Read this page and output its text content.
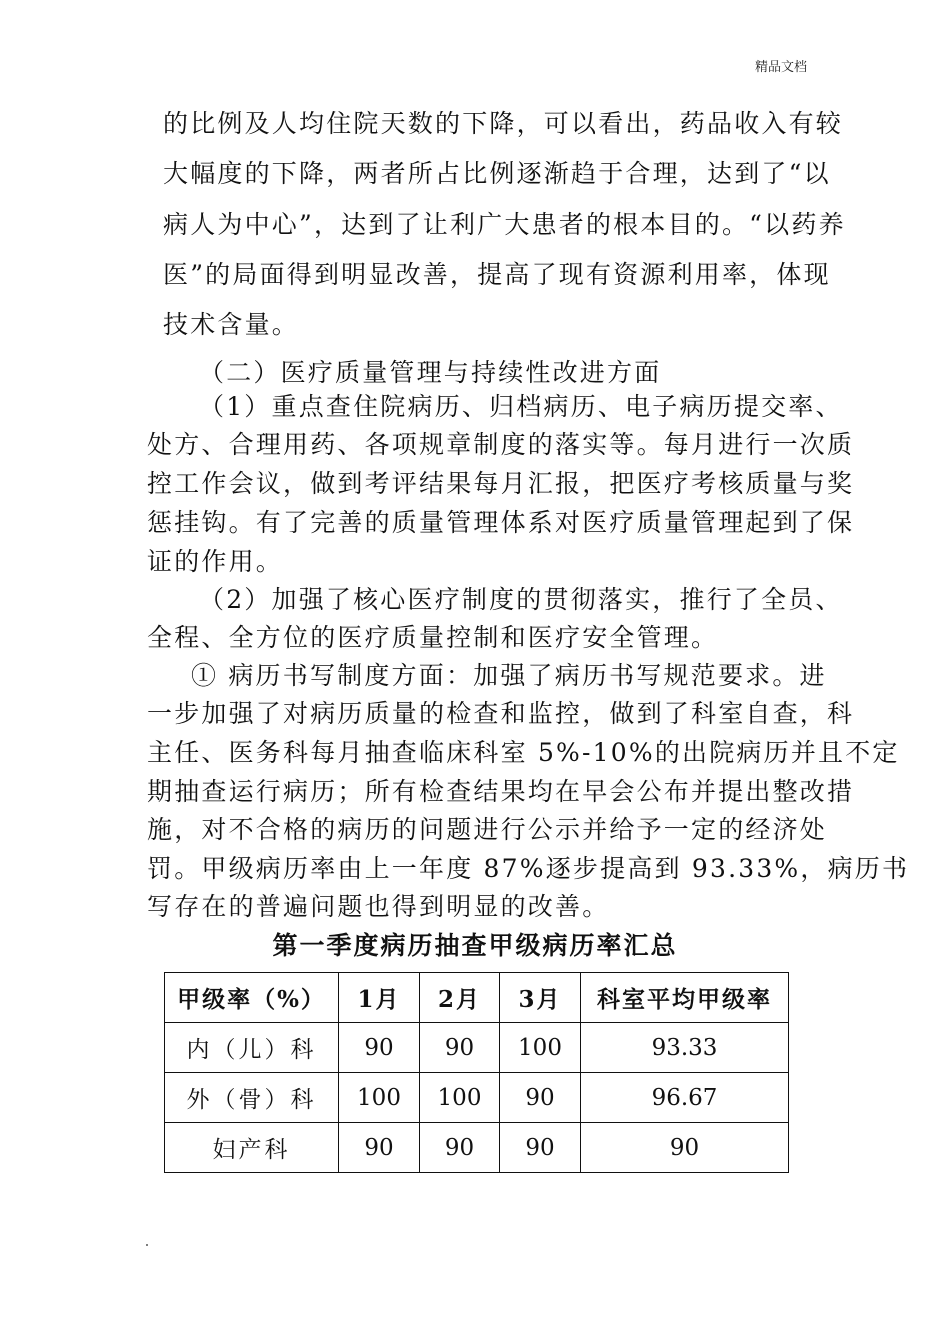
精品文档
的比例及人均住院天数的下降，可以看出，药品收入有较
大幅度的下降，两者所占比例逐渐趋于合理，达到了“以
病人为中心”，达到了让利广大患者的根本目的。“以药养
医”的局面得到明显改善，提高了现有资源利用率，体现
技术含量。
（二）医疗质量管理与持续性改进方面
（1）重点查住院病历、归档病历、电子病历提交率、
处方、合理用药、各项规章制度的落实等。每月进行一次质
控工作会议，做到考评结果每月汇报，把医疗考核质量与奖
惩挂钩。有了完善的质量管理体系对医疗质量管理起到了保
证的作用。
（2）加强了核心医疗制度的贯彻落实，推行了全员、
全程、全方位的医疗质量控制和医疗安全管理。
① 病历书写制度方面：加强了病历书写规范要求。进
一步加强了对病历质量的检查和监控，做到了科室自查，科
主任、医务科每月抽查临床科室 5%-10%的出院病历并且不定
期抽查运行病历；所有检查结果均在早会公布并提出整改措
施，对不合格的病历的问题进行公示并给予一定的经济处
罚。甲级病历率由上一年度 87%逐步提高到 93.33%，病历书
写存在的普遍问题也得到明显的改善。
第一季度病历抽查甲级病历率汇总
甲级率（%）	1月	2月	3月	科室平均甲级率
内（儿）科	90	90	100	93.33
外（骨）科	100	100	90	96.67
妇产科	90	90	90	90
